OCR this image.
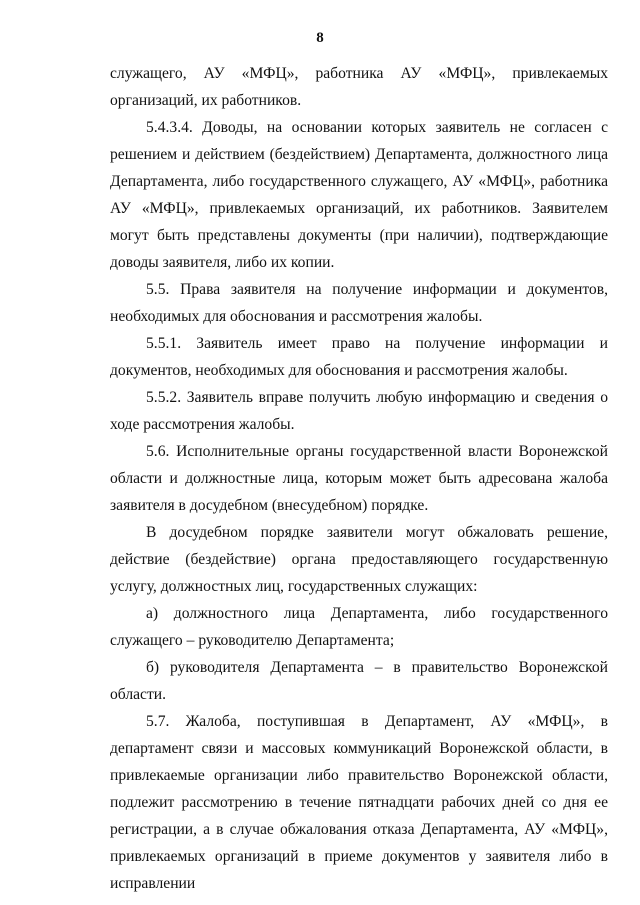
8

служащего, АУ «МФЦ», работника АУ «МФЦ», привлекаемых организаций, их работников.

5.4.3.4. Доводы, на основании которых заявитель не согласен с решением и действием (бездействием) Департамента, должностного лица Департамента, либо государственного служащего, АУ «МФЦ», работника АУ «МФЦ», привлекаемых организаций, их работников. Заявителем могут быть представлены документы (при наличии), подтверждающие доводы заявителя, либо их копии.

5.5. Права заявителя на получение информации и документов, необходимых для обоснования и рассмотрения жалобы.

5.5.1. Заявитель имеет право на получение информации и документов, необходимых для обоснования и рассмотрения жалобы.

5.5.2. Заявитель вправе получить любую информацию и сведения о ходе рассмотрения жалобы.

5.6. Исполнительные органы государственной власти Воронежской области и должностные лица, которым может быть адресована жалоба заявителя в досудебном (внесудебном) порядке.

В досудебном порядке заявители могут обжаловать решение, действие (бездействие) органа предоставляющего государственную услугу, должностных лиц, государственных служащих:

а) должностного лица Департамента, либо государственного служащего – руководителю Департамента;

б) руководителя Департамента – в правительство Воронежской области.

5.7. Жалоба, поступившая в Департамент, АУ «МФЦ», в департамент связи и массовых коммуникаций Воронежской области, в привлекаемые организации либо правительство Воронежской области, подлежит рассмотрению в течение пятнадцати рабочих дней со дня ее регистрации, а в случае обжалования отказа Департамента, АУ «МФЦ», привлекаемых организаций в приеме документов у заявителя либо в исправлении
